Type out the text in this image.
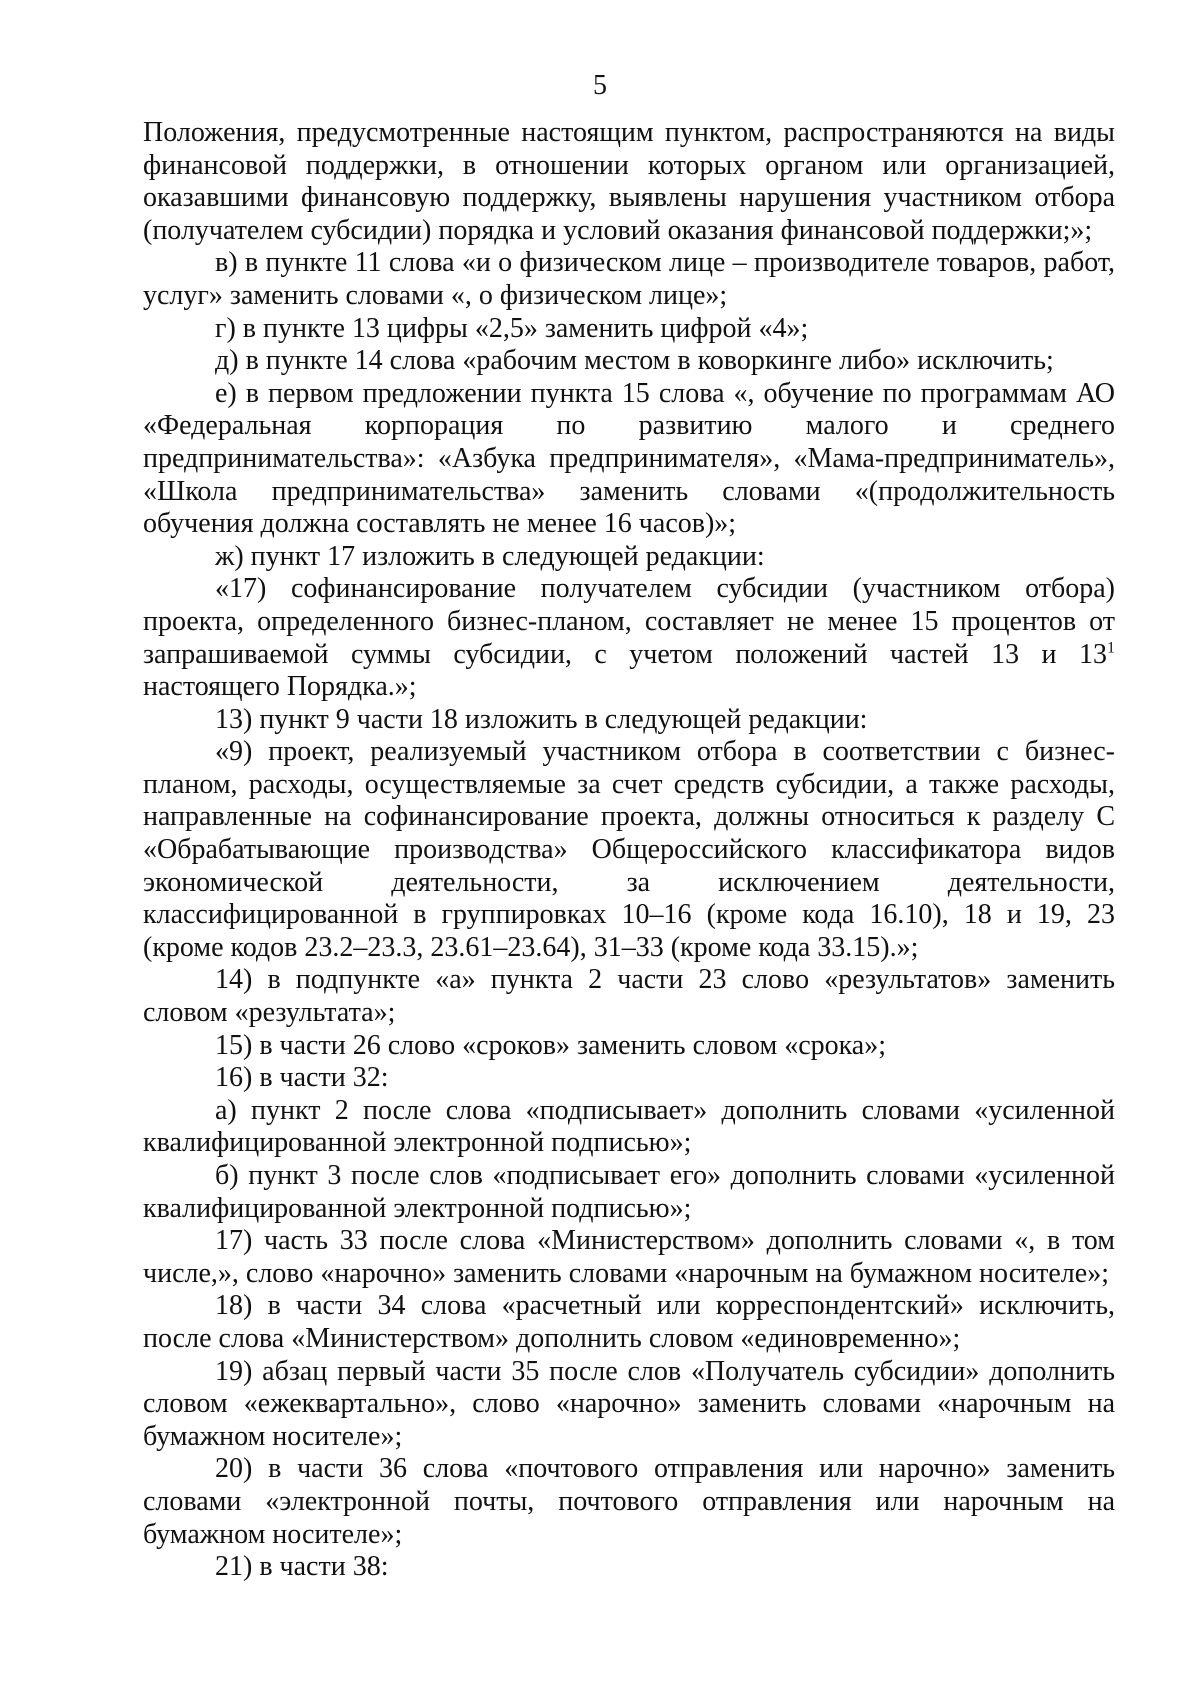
5

Положения, предусмотренные настоящим пунктом, распространяются на виды финансовой поддержки, в отношении которых органом или организацией, оказавшими финансовую поддержку, выявлены нарушения участником отбора (получателем субсидии) порядка и условий оказания финансовой поддержки;»;

в) в пункте 11 слова «и о физическом лице – производителе товаров, работ, услуг» заменить словами «, о физическом лице»;

г) в пункте 13 цифры «2,5» заменить цифрой «4»;

д) в пункте 14 слова «рабочим местом в коворкинге либо» исключить;

е) в первом предложении пункта 15 слова «, обучение по программам АО «Федеральная корпорация по развитию малого и среднего предпринимательства»: «Азбука предпринимателя», «Мама-предприниматель», «Школа предпринимательства» заменить словами «(продолжительность обучения должна составлять не менее 16 часов)»;

ж) пункт 17 изложить в следующей редакции:

«17) софинансирование получателем субсидии (участником отбора) проекта, определенного бизнес-планом, составляет не менее 15 процентов от запрашиваемой суммы субсидии, с учетом положений частей 13 и $13^1$ настоящего Порядка.»;

13) пункт 9 части 18 изложить в следующей редакции:

«9) проект, реализуемый участником отбора в соответствии с бизнес-планом, расходы, осуществляемые за счет средств субсидии, а также расходы, направленные на софинансирование проекта, должны относиться к разделу С «Обрабатывающие производства» Общероссийского классификатора видов экономической деятельности, за исключением деятельности, классифицированной в группировках 10–16 (кроме кода 16.10), 18 и 19, 23 (кроме кодов 23.2–23.3, 23.61–23.64), 31–33 (кроме кода 33.15).»;

14) в подпункте «а» пункта 2 части 23 слово «результатов» заменить словом «результата»;

15) в части 26 слово «сроков» заменить словом «срока»;

16) в части 32:

а) пункт 2 после слова «подписывает» дополнить словами «усиленной квалифицированной электронной подписью»;

б) пункт 3 после слов «подписывает его» дополнить словами «усиленной квалифицированной электронной подписью»;

17) часть 33 после слова «Министерством» дополнить словами «, в том числе,», слово «нарочно» заменить словами «нарочным на бумажном носителе»;

18) в части 34 слова «расчетный или корреспондентский» исключить, после слова «Министерством» дополнить словом «единовременно»;

19) абзац первый части 35 после слов «Получатель субсидии» дополнить словом «ежеквартально», слово «нарочно» заменить словами «нарочным на бумажном носителе»;

20) в части 36 слова «почтового отправления или нарочно» заменить словами «электронной почты, почтового отправления или нарочным на бумажном носителе»;

21) в части 38:
